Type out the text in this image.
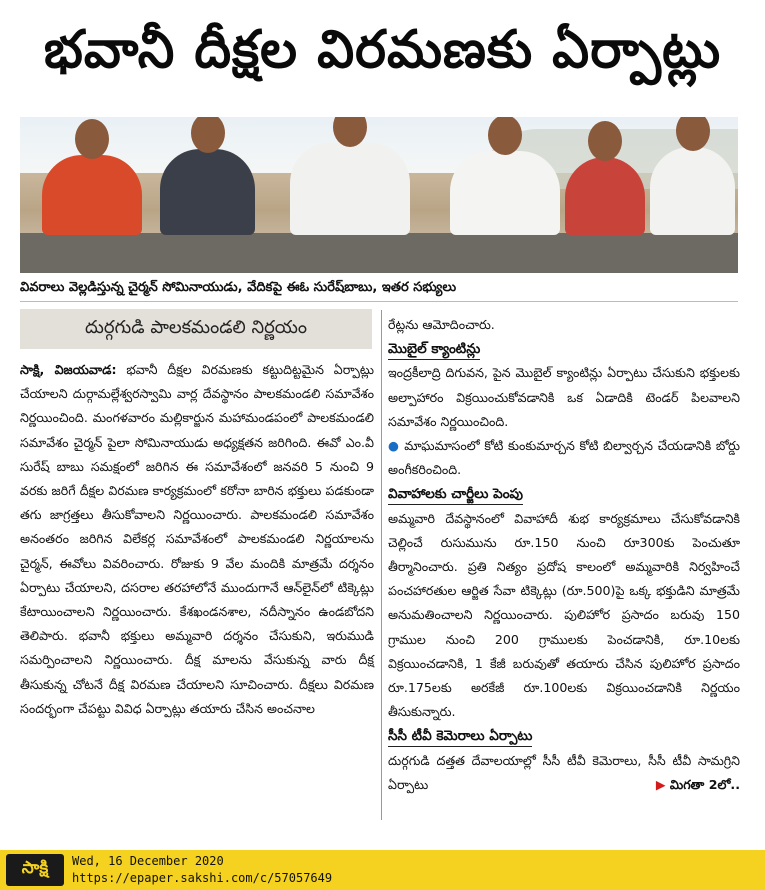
భవానీ దీక్షల విరమణకు ఏర్పాట్లు
వివరాలు వెల్లడిస్తున్న చైర్మన్ సోమినాయుడు, వేదికపై ఈఓ సురేష్‌బాబు, ఇతర సభ్యులు
దుర్గగుడి పాలకమండలి నిర్ణయం

సాక్షి, విజయవాడ: భవానీ దీక్షల విరమణకు కట్టుదిట్టమైన ఏర్పాట్లు చేయాలని దుర్గామల్లేశ్వరస్వామి వార్ల దేవస్థానం పాలకమండలి సమావేశం నిర్ణయించింది. మంగళవారం మల్లికార్జున మహామండపంలో పాలకమండలి సమావేశం చైర్మన్ పైలా సోమినాయుడు అధ్యక్షతన జరిగింది. ఈవో ఎం.వీ సురేష్ బాబు సమక్షంలో జరిగిన ఈ సమావేశంలో జనవరి 5 నుంచి 9 వరకు జరిగే దీక్షల విరమణ కార్యక్రమంలో కరోనా బారిన భక్తులు పడకుండా తగు జాగ్రత్తలు తీసుకోవాలని నిర్ణయించారు. పాలకమండలి సమావేశం అనంతరం జరిగిన విలేకర్ల సమావేశంలో పాలకమండలి నిర్ణయాలను చైర్మన్, ఈవోలు వివరించారు. రోజుకు 9 వేల మందికి మాత్రమే దర్శనం ఏర్పాటు చేయాలని, దసరాల తరహాలోనే ముందుగానే ఆన్‌లైన్‌లో టిక్కెట్లు కేటాయించాలని నిర్ణయించారు. కేశఖండనశాల, నదీస్నానం ఉండబోదని తెలిపారు. భవానీ భక్తులు అమ్మవారి దర్శనం చేసుకుని, ఇరుముడి సమర్పించాలని నిర్ణయించారు. దీక్ష మాలను వేసుకున్న వారు దీక్ష తీసుకున్న చోటనే దీక్ష విరమణ చేయాలని సూచించారు. దీక్షలు విరమణ సందర్భంగా చేపట్టు వివిధ ఏర్పాట్లు తయారు చేసిన అంచనాల

రేట్లను ఆమోదించారు.

మొబైల్ క్యాంటిన్లు

ఇంద్రకీలాద్రి దిగువన, పైన మొబైల్ క్యాంటిన్లు ఏర్పాటు చేసుకుని భక్తులకు అల్పాహారం విక్రయించుకోవడానికి ఒక ఏడాదికి టెండర్ పిలవాలని సమావేశం నిర్ణయించింది.

● మాఘమాసంలో కోటి కుంకుమార్చన కోటి బిల్వార్చన చేయడానికి బోర్డు అంగీకరించింది.

వివాహాలకు చార్జీలు పెంపు

అమ్మవారి దేవస్థానంలో వివాహాదీ శుభ కార్యక్రమాలు చేసుకోవడానికి చెల్లించే రుసుమును రూ.150 నుంచి రూ300కు పెంచుతూ తీర్మానించారు. ప్రతి నిత్యం ప్రదోష కాలంలో అమ్మవారికి నిర్వహించే పంచహారతుల ఆర్జిత సేవా టిక్కెట్లు (రూ.500)పై ఒక్క భక్తుడిని మాత్రమే అనుమతించాలని నిర్ణయించారు. పులిహోర ప్రసాదం బరువు 150 గ్రాముల నుంచి 200 గ్రాములకు పెంచడానికి, రూ.10లకు విక్రయించడానికి, 1 కేజీ బరువుతో తయారు చేసిన పులిహోర ప్రసాదం రూ.175లకు అరకేజీ రూ.100లకు విక్రయించడానికి నిర్ణయం తీసుకున్నారు.

సీసీ టీవీ కెమెరాలు ఏర్పాటు

దుర్గగుడి దత్తత దేవాలయాల్లో సీసీ టీవీ కెమెరాలు, సీసీ టీవీ సామగ్రిని ఏర్పాటు	▶ మిగతా 2లో..

సాక్షి	Wed, 16 December 2020
https://epaper.sakshi.com/c/57057649
